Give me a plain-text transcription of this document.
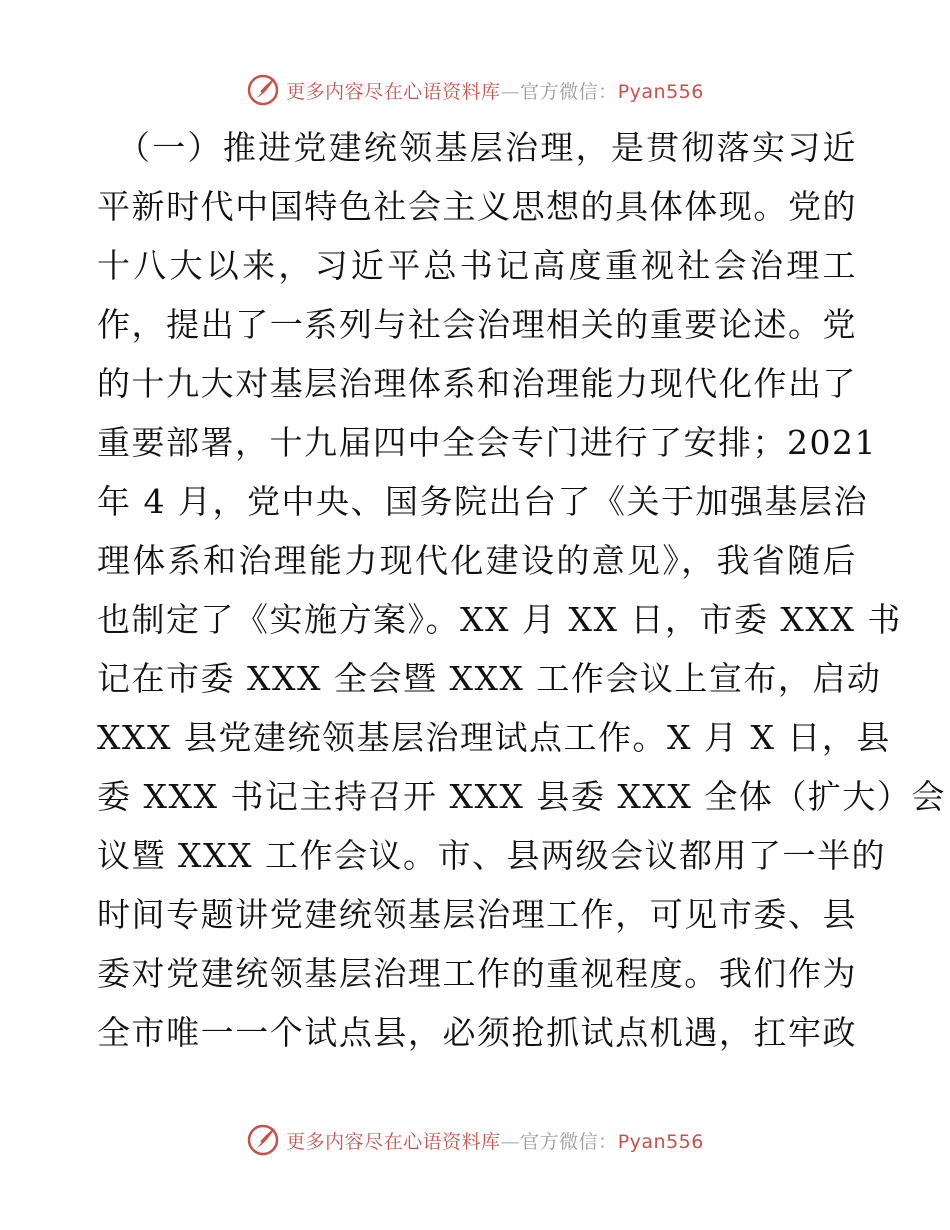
更多内容尽在心语资料库—官方微信：Pyan556
（一）推进党建统领基层治理，是贯彻落实习近
平新时代中国特色社会主义思想的具体体现。党的
十八大以来，习近平总书记高度重视社会治理工
作，提出了一系列与社会治理相关的重要论述。党
的十九大对基层治理体系和治理能力现代化作出了
重要部署，十九届四中全会专门进行了安排；2021
年 4 月，党中央、国务院出台了《关于加强基层治
理体系和治理能力现代化建设的意见》，我省随后
也制定了《实施方案》。XX 月 XX 日，市委 XXX 书
记在市委 XXX 全会暨 XXX 工作会议上宣布，启动
XXX 县党建统领基层治理试点工作。X 月 X 日，县
委 XXX 书记主持召开 XXX 县委 XXX 全体（扩大）会
议暨 XXX 工作会议。市、县两级会议都用了一半的
时间专题讲党建统领基层治理工作，可见市委、县
委对党建统领基层治理工作的重视程度。我们作为
全市唯一一个试点县，必须抢抓试点机遇，扛牢政
更多内容尽在心语资料库—官方微信：Pyan556
